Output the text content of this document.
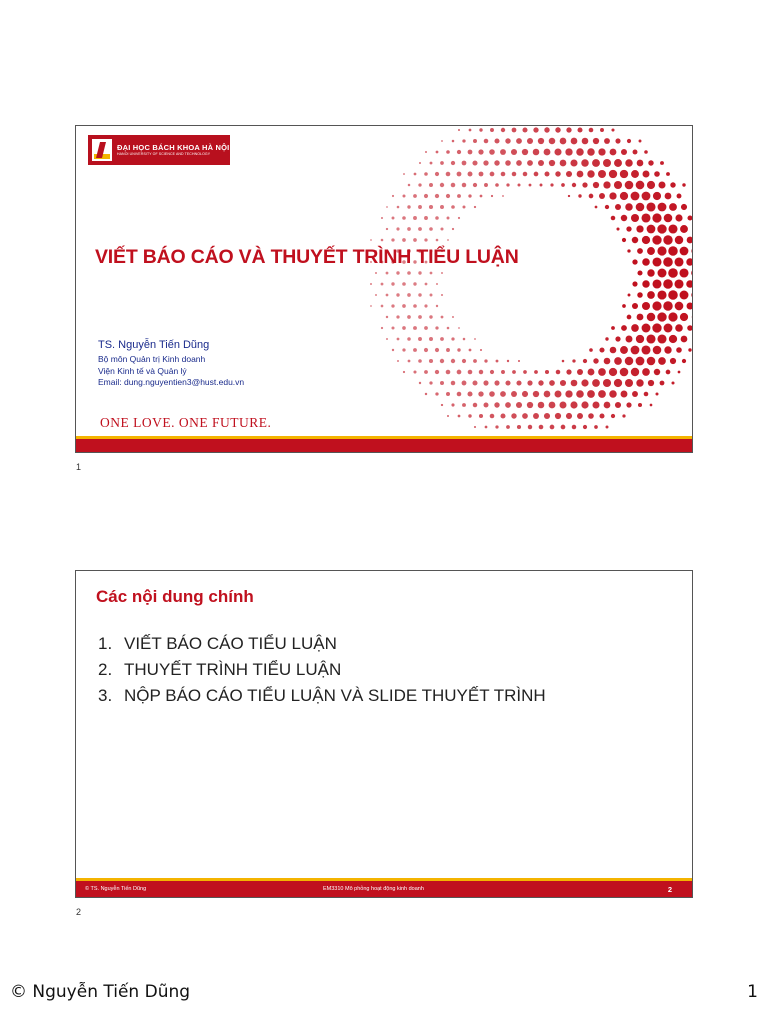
ĐẠI HỌC BÁCH KHOA HÀ NỘI
HANOI UNIVERSITY OF SCIENCE AND TECHNOLOGY
VIẾT BÁO CÁO VÀ THUYẾT TRÌNH TIỂU LUẬN
TS. Nguyễn Tiến Dũng
Bộ môn Quản trị Kinh doanh
Viện Kinh tế và Quản lý
Email: dung.nguyentien3@hust.edu.vn
ONE LOVE. ONE FUTURE.
1
Các nội dung chính
1. VIẾT BÁO CÁO TIỂU LUẬN
2. THUYẾT TRÌNH TIỂU LUẬN
3. NỘP BÁO CÁO TIỂU LUẬN VÀ SLIDE THUYẾT TRÌNH
© TS. Nguyễn Tiến Dũng	EM3310 Mô phỏng hoạt động kinh doanh	2
2
© Nguyễn Tiến Dũng	1
